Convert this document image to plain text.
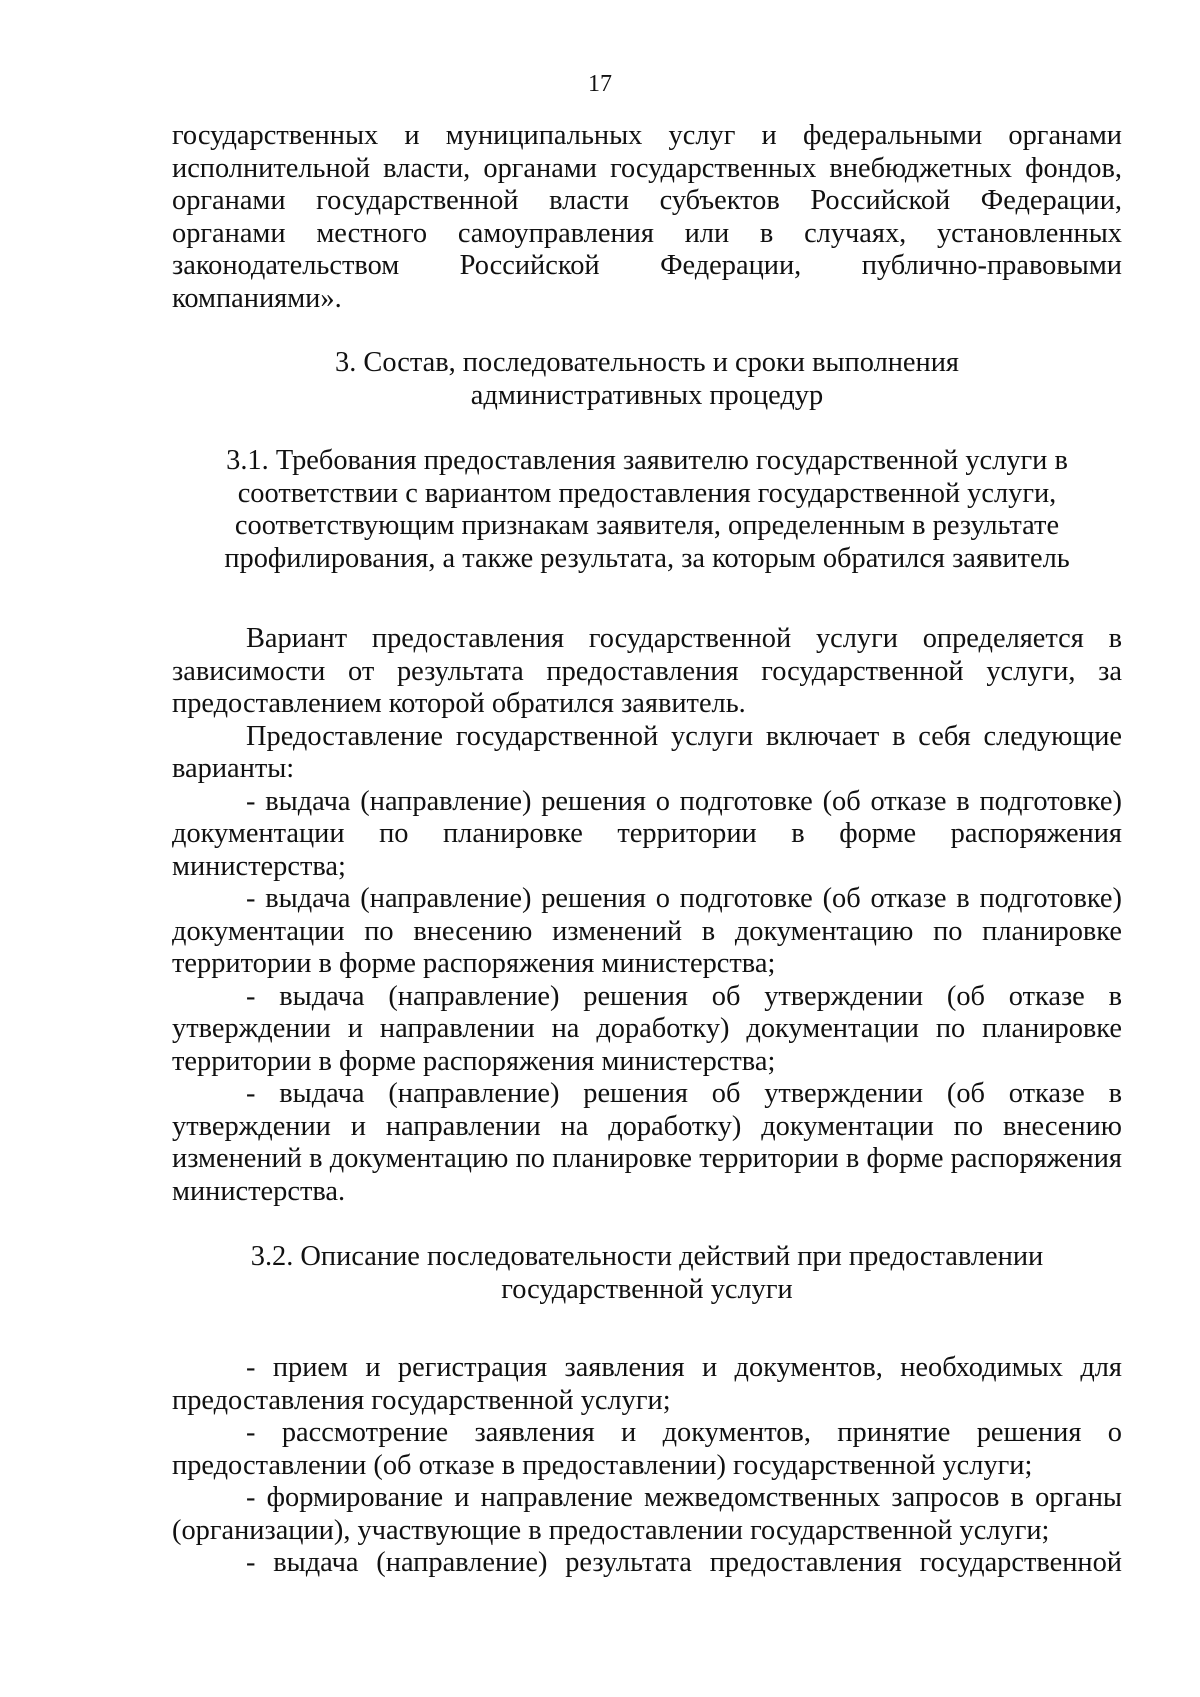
17

государственных и муниципальных услуг и федеральными органами

исполнительной власти, органами государственных внебюджетных фондов,

органами государственной власти субъектов Российской Федерации,

органами местного самоуправления или в случаях, установленных

законодательством Российской Федерации, публично-правовыми

компаниями».

3. Состав, последовательность и сроки выполнения

административных процедур

3.1. Требования предоставления заявителю государственной услуги в

соответствии с вариантом предоставления государственной услуги,

соответствующим признакам заявителя, определенным в результате

профилирования, а также результата, за которым обратился заявитель

Вариант предоставления государственной услуги определяется в

зависимости от результата предоставления государственной услуги, за

предоставлением которой обратился заявитель.

Предоставление государственной услуги включает в себя следующие

варианты:

- выдача (направление) решения о подготовке (об отказе в подготовке)

документации по планировке территории в форме распоряжения

министерства;

- выдача (направление) решения о подготовке (об отказе в подготовке)

документации по внесению изменений в документацию по планировке

территории в форме распоряжения министерства;

- выдача (направление) решения об утверждении (об отказе в

утверждении и направлении на доработку) документации по планировке

территории в форме распоряжения министерства;

- выдача (направление) решения об утверждении (об отказе в

утверждении и направлении на доработку) документации по внесению

изменений в документацию по планировке территории в форме распоряжения

министерства.

3.2. Описание последовательности действий при предоставлении

государственной услуги

- прием и регистрация заявления и документов, необходимых для

предоставления государственной услуги;

- рассмотрение заявления и документов, принятие решения о

предоставлении (об отказе в предоставлении) государственной услуги;

- формирование и направление межведомственных запросов в органы

(организации), участвующие в предоставлении государственной услуги;

- выдача (направление) результата предоставления государственной
